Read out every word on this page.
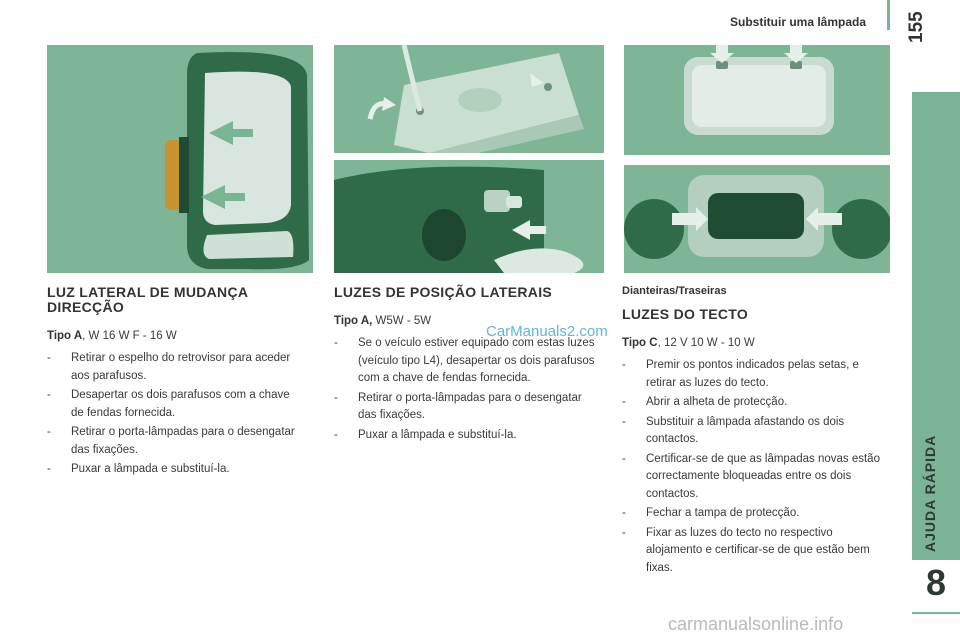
Substituir uma lâmpada 155
AJUDA RÁPIDA
8
LUZ LATERAL DE MUDANÇA DIRECÇÃO
Tipo A, W 16 W F - 16 W
- Retirar o espelho do retrovisor para aceder aos parafusos.
- Desapertar os dois parafusos com a chave de fendas fornecida.
- Retirar o porta-lâmpadas para o desengatar das fixações.
- Puxar a lâmpada e substituí-la.
LUZES DE POSIÇÃO LATERAIS
Tipo A, W5W - 5W
- Se o veículo estiver equipado com estas luzes (veículo tipo L4), desapertar os dois parafusos com a chave de fendas fornecida.
- Retirar o porta-lâmpadas para o desengatar das fixações.
- Puxar a lâmpada e substituí-la.
Dianteiras/Traseiras
LUZES DO TECTO
Tipo C, 12 V 10 W - 10 W
- Premir os pontos indicados pelas setas, e retirar as luzes do tecto.
- Abrir a alheta de protecção.
- Substituir a lâmpada afastando os dois contactos.
- Certificar-se de que as lâmpadas novas estão correctamente bloqueadas entre os dois contactos.
- Fechar a tampa de protecção.
- Fixar as luzes do tecto no respectivo alojamento e certificar-se de que estão bem fixas.
CarManuals2.com
carmanualsonline.info
